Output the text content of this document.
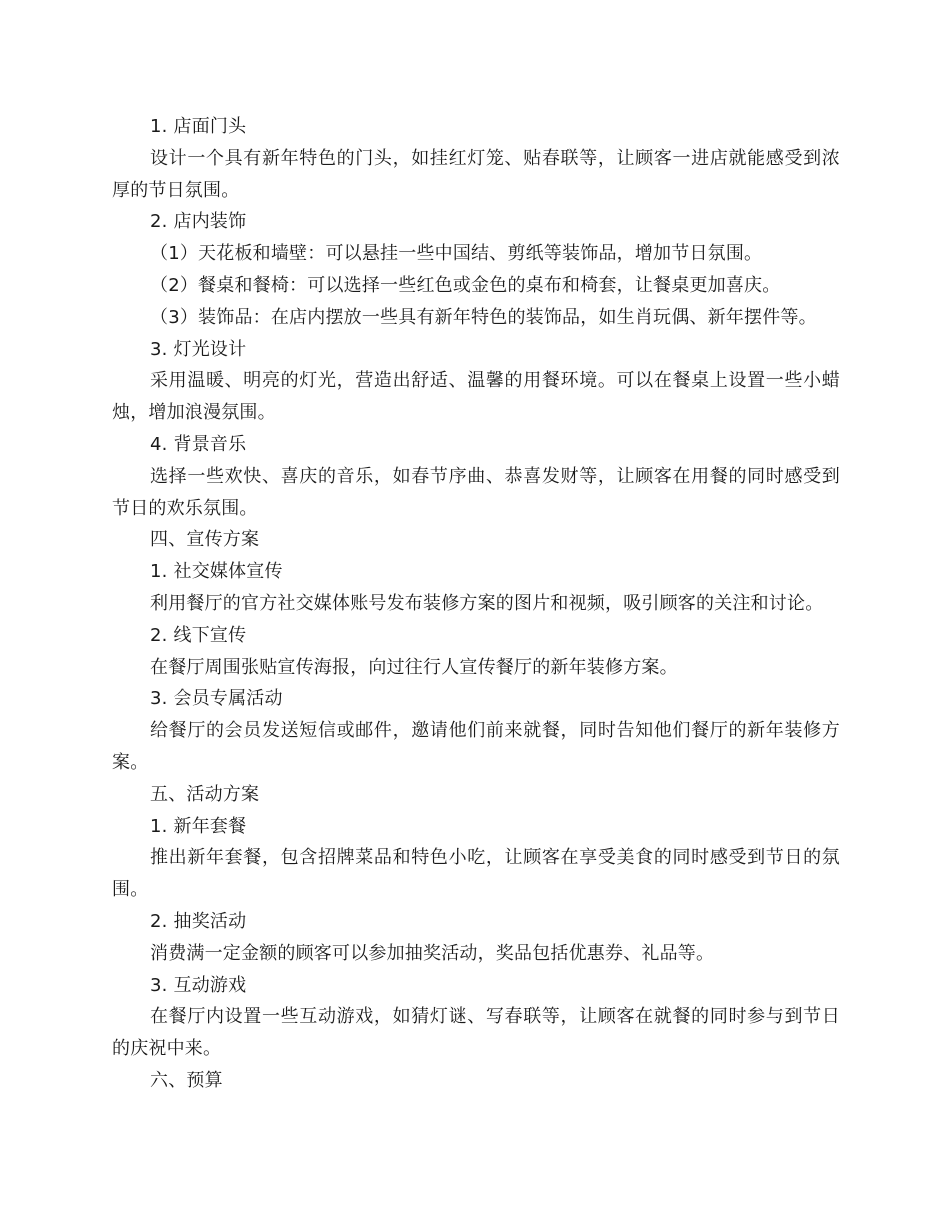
1. 店面门头

设计一个具有新年特色的门头，如挂红灯笼、贴春联等，让顾客一进店就能感受到浓厚的节日氛围。

2. 店内装饰

（1）天花板和墙壁：可以悬挂一些中国结、剪纸等装饰品，增加节日氛围。

（2）餐桌和餐椅：可以选择一些红色或金色的桌布和椅套，让餐桌更加喜庆。

（3）装饰品：在店内摆放一些具有新年特色的装饰品，如生肖玩偶、新年摆件等。

3. 灯光设计

采用温暖、明亮的灯光，营造出舒适、温馨的用餐环境。可以在餐桌上设置一些小蜡烛，增加浪漫氛围。

4. 背景音乐

选择一些欢快、喜庆的音乐，如春节序曲、恭喜发财等，让顾客在用餐的同时感受到节日的欢乐氛围。

四、宣传方案

1. 社交媒体宣传

利用餐厅的官方社交媒体账号发布装修方案的图片和视频，吸引顾客的关注和讨论。

2. 线下宣传

在餐厅周围张贴宣传海报，向过往行人宣传餐厅的新年装修方案。

3. 会员专属活动

给餐厅的会员发送短信或邮件，邀请他们前来就餐，同时告知他们餐厅的新年装修方案。

五、活动方案

1. 新年套餐

推出新年套餐，包含招牌菜品和特色小吃，让顾客在享受美食的同时感受到节日的氛围。

2. 抽奖活动

消费满一定金额的顾客可以参加抽奖活动，奖品包括优惠券、礼品等。

3. 互动游戏

在餐厅内设置一些互动游戏，如猜灯谜、写春联等，让顾客在就餐的同时参与到节日的庆祝中来。

六、预算
